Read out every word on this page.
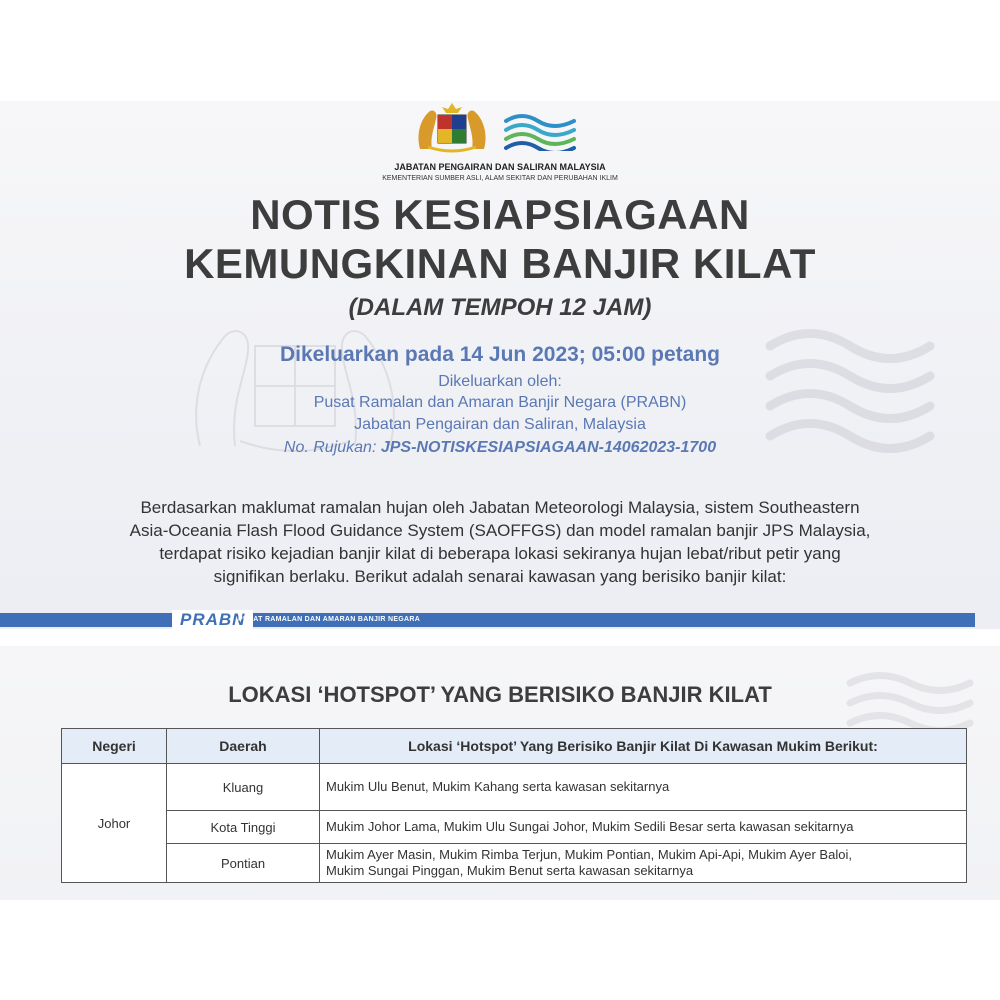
JABATAN PENGAIRAN DAN SALIRAN MALAYSIA
KEMENTERIAN SUMBER ASLI, ALAM SEKITAR DAN PERUBAHAN IKLIM
NOTIS KESIAPSIAGAAN
KEMUNGKINAN BANJIR KILAT
(DALAM TEMPOH 12 JAM)
Dikeluarkan pada 14 Jun 2023; 05:00 petang
Dikeluarkan oleh:
Pusat Ramalan dan Amaran Banjir Negara (PRABN)
Jabatan Pengairan dan Saliran, Malaysia
No. Rujukan: JPS-NOTISKESIAPSIAGAAN-14062023-1700
Berdasarkan maklumat ramalan hujan oleh Jabatan Meteorologi Malaysia, sistem Southeastern
Asia-Oceania Flash Flood Guidance System (SAOFFGS) dan model ramalan banjir JPS Malaysia,
terdapat risiko kejadian banjir kilat di beberapa lokasi sekiranya hujan lebat/ribut petir yang
signifikan berlaku. Berikut adalah senarai kawasan yang berisiko banjir kilat:
PRABN
PUSAT RAMALAN DAN AMARAN BANJIR NEGARA
LOKASI ‘HOTSPOT’ YANG BERISIKO BANJIR KILAT
Negeri	Daerah	Lokasi ‘Hotspot’ Yang Berisiko Banjir Kilat Di Kawasan Mukim Berikut:
Johor	Kluang	Mukim Ulu Benut, Mukim Kahang serta kawasan sekitarnya
	Kota Tinggi	Mukim Johor Lama, Mukim Ulu Sungai Johor, Mukim Sedili Besar serta kawasan sekitarnya
	Pontian	Mukim Ayer Masin, Mukim Rimba Terjun, Mukim Pontian, Mukim Api-Api, Mukim Ayer Baloi,
Mukim Sungai Pinggan, Mukim Benut serta kawasan sekitarnya
